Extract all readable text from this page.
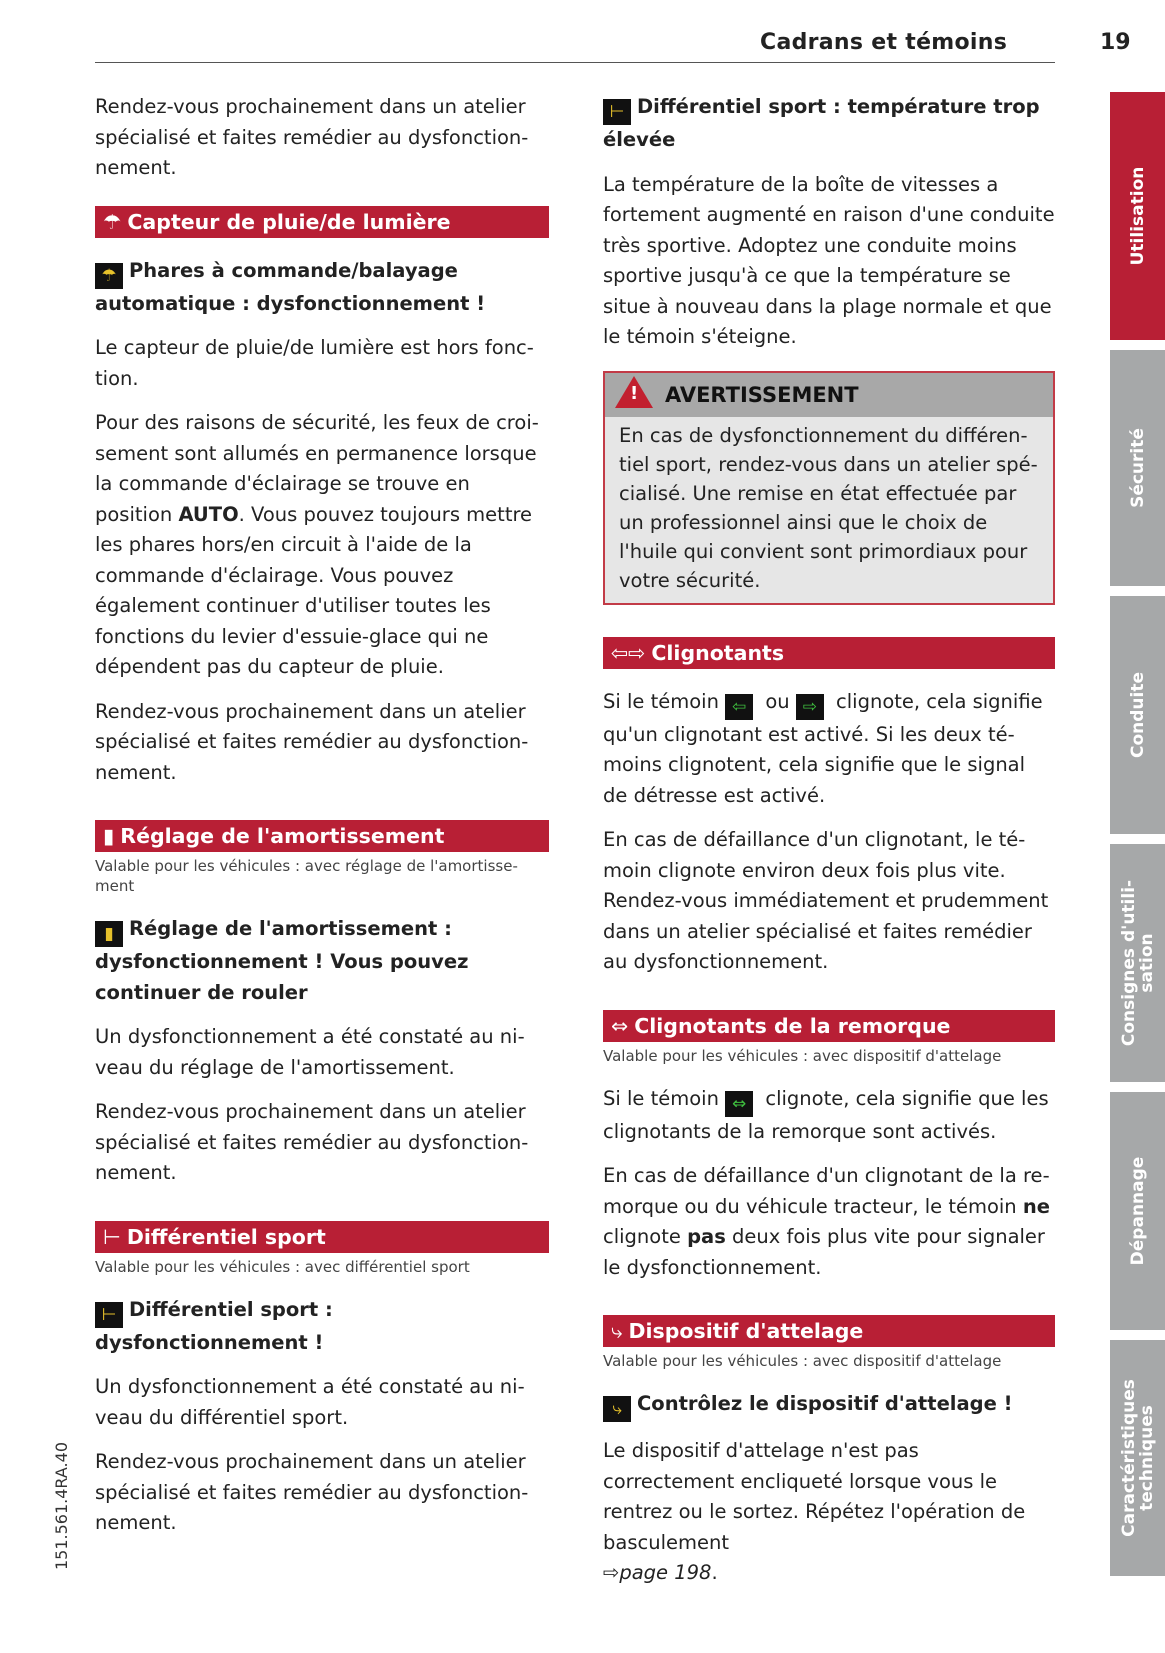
Cadrans et témoins	19
Utilisation
Sécurité
Conduite
Consignes d'utili-
sation
Dépannage
Caractéristiques
techniques
151.561.4RA.40

Rendez-vous prochainement dans un atelier spécialisé et faites remédier au dysfonctionnement.

☂ Capteur de pluie/de lumière
☂ Phares à commande/balayage automatique : dysfonctionnement !

Le capteur de pluie/de lumière est hors fonction.

Pour des raisons de sécurité, les feux de croisement sont allumés en permanence lorsque la commande d'éclairage se trouve en position AUTO. Vous pouvez toujours mettre les phares hors/en circuit à l'aide de la commande d'éclairage. Vous pouvez également continuer d'utiliser toutes les fonctions du levier d'essuie-glace qui ne dépendent pas du capteur de pluie.

Rendez-vous prochainement dans un atelier spécialisé et faites remédier au dysfonctionnement.

▮ Réglage de l'amortissement
Valable pour les véhicules : avec réglage de l'amortissement
▮ Réglage de l'amortissement : dysfonctionnement ! Vous pouvez continuer de rouler

Un dysfonctionnement a été constaté au niveau du réglage de l'amortissement.

Rendez-vous prochainement dans un atelier spécialisé et faites remédier au dysfonctionnement.

⊢ Différentiel sport
Valable pour les véhicules : avec différentiel sport
⊢ Différentiel sport : dysfonctionnement !

Un dysfonctionnement a été constaté au niveau du différentiel sport.

Rendez-vous prochainement dans un atelier spécialisé et faites remédier au dysfonctionnement.

⊢ Différentiel sport : température trop élevée

La température de la boîte de vitesses a fortement augmenté en raison d'une conduite très sportive. Adoptez une conduite moins sportive jusqu'à ce que la température se situe à nouveau dans la plage normale et que le témoin s'éteigne.

! AVERTISSEMENT
En cas de dysfonctionnement du différentiel sport, rendez-vous dans un atelier spécialisé. Une remise en état effectuée par un professionnel ainsi que le choix de l'huile qui convient sont primordiaux pour votre sécurité.
⇦⇨ Clignotants

Si le témoin ⇦ ou ⇨ clignote, cela signifie qu'un clignotant est activé. Si les deux témoins clignotent, cela signifie que le signal de détresse est activé.

En cas de défaillance d'un clignotant, le témoin clignote environ deux fois plus vite. Rendez-vous immédiatement et prudemment dans un atelier spécialisé et faites remédier au dysfonctionnement.

⇔ Clignotants de la remorque
Valable pour les véhicules : avec dispositif d'attelage

Si le témoin ⇔ clignote, cela signifie que les clignotants de la remorque sont activés.

En cas de défaillance d'un clignotant de la remorque ou du véhicule tracteur, le témoin ne clignote pas deux fois plus vite pour signaler le dysfonctionnement.

⤷ Dispositif d'attelage
Valable pour les véhicules : avec dispositif d'attelage
⤷ Contrôlez le dispositif d'attelage !

Le dispositif d'attelage n'est pas correctement encliqueté lorsque vous le rentrez ou le sortez. Répétez l'opération de basculement
⇨page 198.
